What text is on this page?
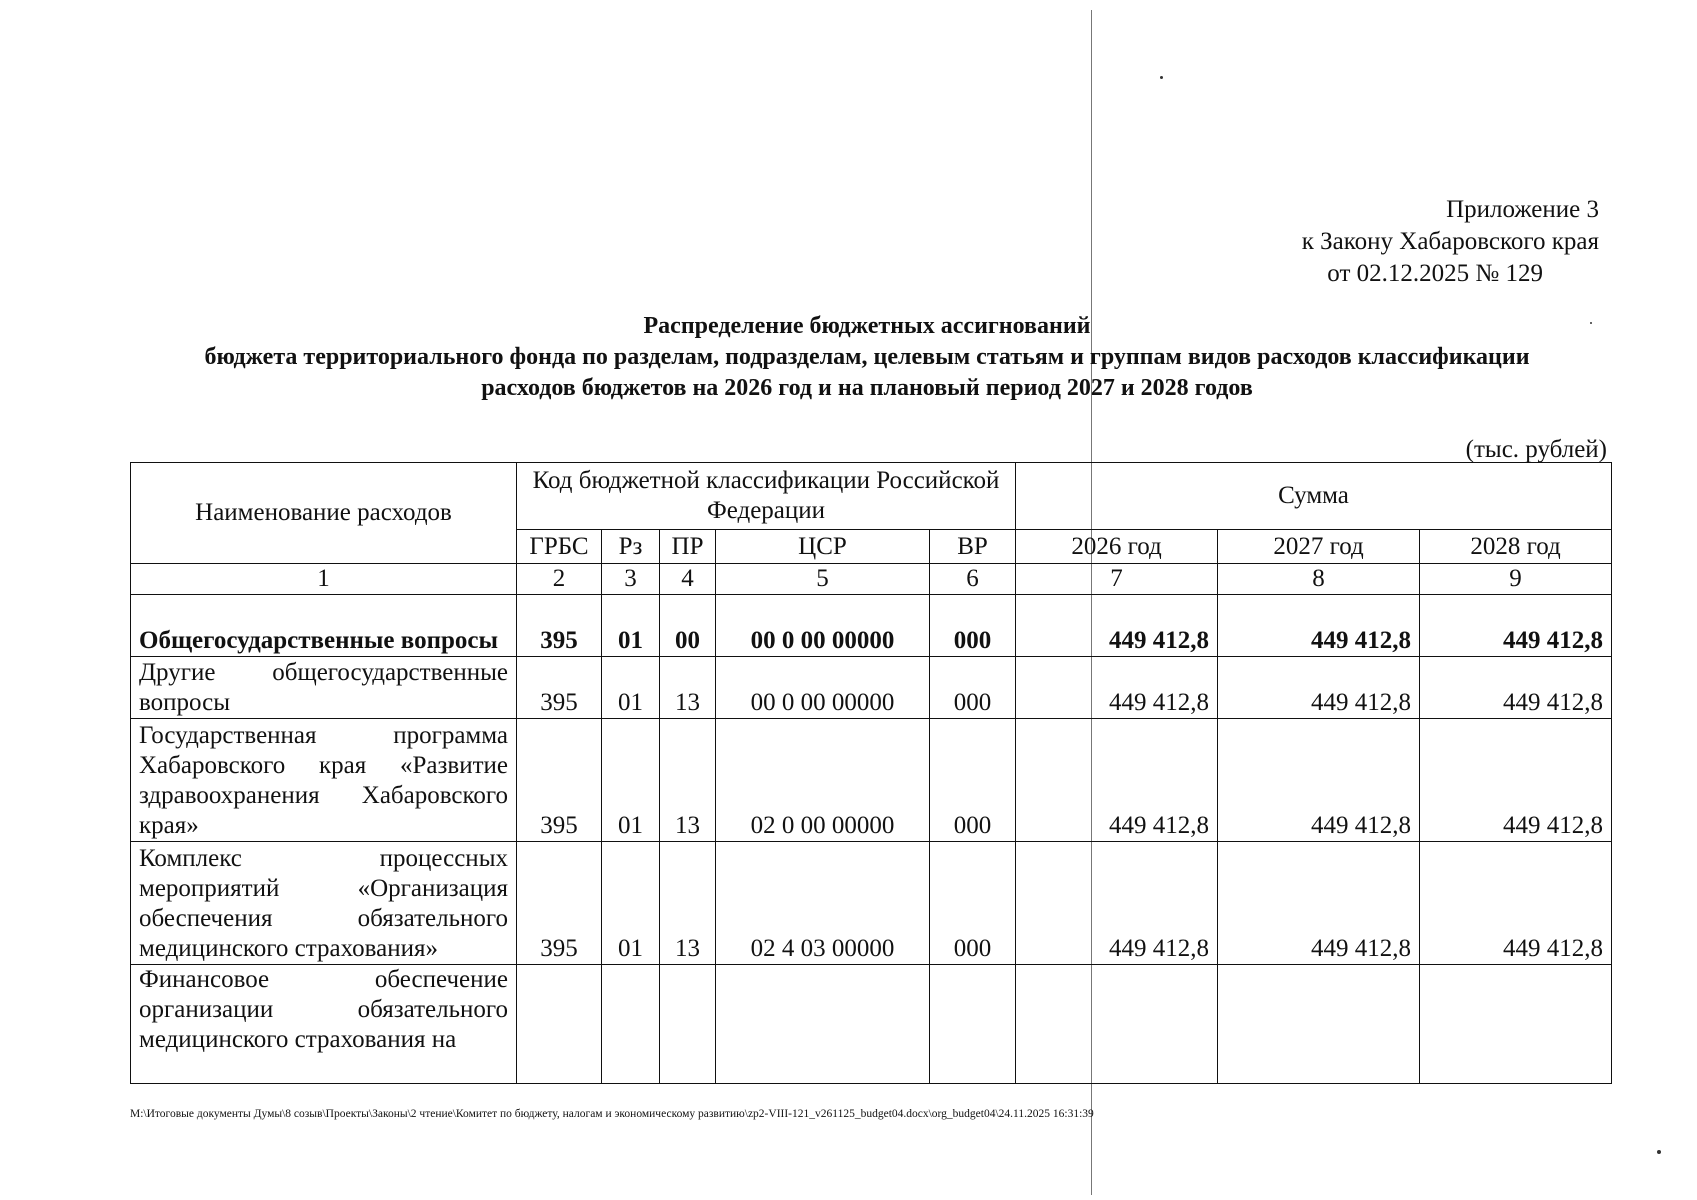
Приложение 3
к Закону Хабаровского края
от 02.12.2025 № 129
Распределение бюджетных ассигнований
бюджета территориального фонда по разделам, подразделам, целевым статьям и группам видов расходов классификации
расходов бюджетов на 2026 год и на плановый период 2027 и 2028 годов
(тыс. рублей)
Наименование расходов	Код бюджетной классификации Российской Федерации					Сумма		
	ГРБС	Рз	ПР	ЦСР	ВР	2026 год	2027 год	2028 год
1	2	3	4	5	6	7	8	9
Общегосударственные вопросы	395	01	00	00 0 00 00000	000	449 412,8	449 412,8	449 412,8
Другие общегосударственные вопросы	395	01	13	00 0 00 00000	000	449 412,8	449 412,8	449 412,8
Государственная программа Хабаровского края «Развитие здравоохранения Хабаровского края»	395	01	13	02 0 00 00000	000	449 412,8	449 412,8	449 412,8
Комплекс процессных мероприятий «Организация обеспечения обязательного медицинского страхования»	395	01	13	02 4 03 00000	000	449 412,8	449 412,8	449 412,8
Финансовое обеспечение организации обязательного медицинского страхования на								
M:\Итоговые документы Думы\8 созыв\Проекты\Законы\2 чтение\Комитет по бюджету, налогам и экономическому развитию\zp2-VIII-121_v261125_budget04.docx\org_budget04\24.11.2025 16:31:39
